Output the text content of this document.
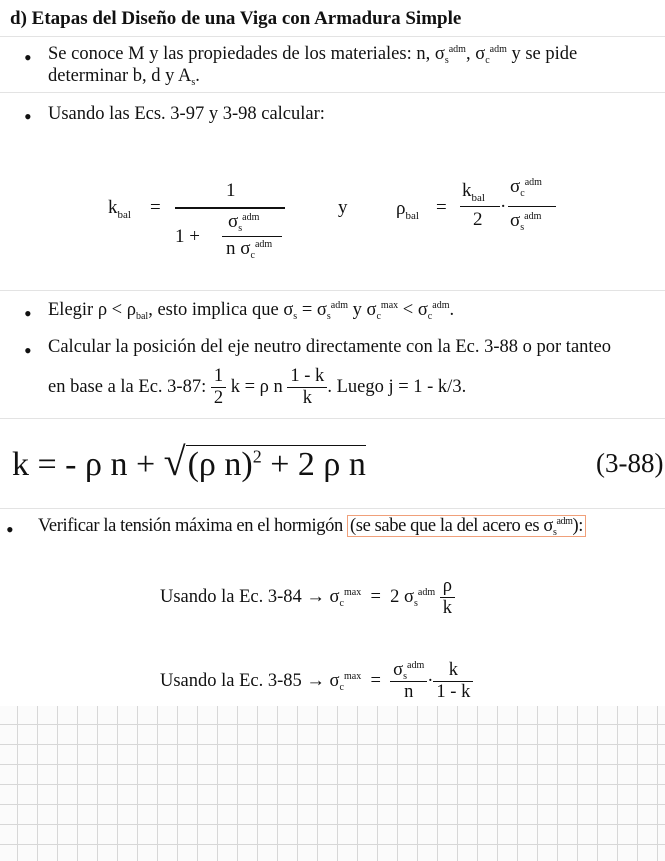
d) Etapas del Diseño de una Viga con Armadura Simple
• Se conoce M y las propiedades de los materiales: n, $\sigma_s^{adm}$, $\sigma_c^{adm}$ y se pide
determinar b, d y $A_s$.
• Usando las Ecs. 3-97 y 3-98 calcular:
$k_{bal}$ =
1
1 +
$\sigma_s^{adm}$
n $\sigma_c^{adm}$
y	$\rho_{bal}$ =
$k_{bal}$
2
·
$\sigma_c^{adm}$
$\sigma_s^{adm}$
• Elegir $\rho < \rho_{bal}$, esto implica que $\sigma_s = \sigma_s^{adm}$ y $\sigma_c^{max} < \sigma_c^{adm}$.
• Calcular la posición del eje neutro directamente con la Ec. 3-88 o por tanteo
en base a la Ec. 3-87: $\frac{1}{2}$ k = ρ n $\frac{1 - k}{k}$ . Luego j = 1 - k/3.
k = - ρ n + √(ρ n)$^2$ + 2 ρ n	(3-88)
• Verificar la tensión máxima en el hormigón (se sabe que la del acero es $\sigma_s^{adm}$):
Usando la Ec. $3-84 \to \sigma_c^{max} = 2$ $\sigma_s^{adm} \frac{\rho}{k}$
Usando la Ec. $3-85 \to \sigma_c^{max} = \frac{\sigma_s^{adm}}{n} \cdot \frac{k}{1 - k}$
